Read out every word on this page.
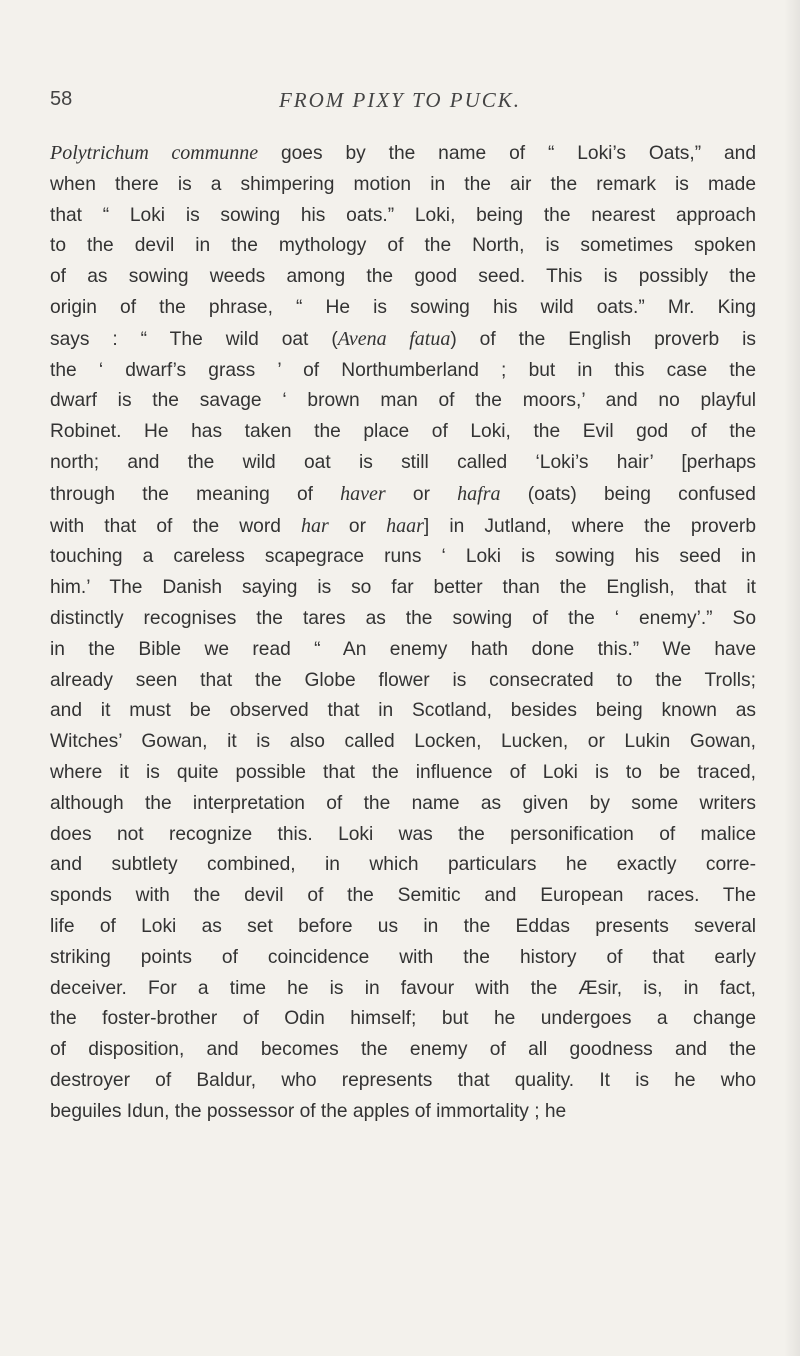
58	FROM PIXY TO PUCK.
Polytrichum communne goes by the name of “ Loki’s Oats,” and
when there is a shimpering motion in the air the remark is made
that “ Loki is sowing his oats.” Loki, being the nearest approach
to the devil in the mythology of the North, is sometimes spoken
of as sowing weeds among the good seed. This is possibly the
origin of the phrase, “ He is sowing his wild oats.” Mr. King
says : “ The wild oat (Avena fatua) of the English proverb is
the ‘ dwarf’s grass ’ of Northumberland ; but in this case the
dwarf is the savage ‘ brown man of the moors,’ and no playful
Robinet. He has taken the place of Loki, the Evil god of the
north; and the wild oat is still called ‘Loki’s hair’ [perhaps
through the meaning of haver or hafra (oats) being confused
with that of the word har or haar] in Jutland, where the proverb
touching a careless scapegrace runs ‘ Loki is sowing his seed in
him.’ The Danish saying is so far better than the English, that it
distinctly recognises the tares as the sowing of the ‘ enemy’.” So
in the Bible we read “ An enemy hath done this.” We have
already seen that the Globe flower is consecrated to the Trolls;
and it must be observed that in Scotland, besides being known as
Witches’ Gowan, it is also called Locken, Lucken, or Lukin Gowan,
where it is quite possible that the influence of Loki is to be traced,
although the interpretation of the name as given by some writers
does not recognize this. Loki was the personification of malice
and subtlety combined, in which particulars he exactly corre-
sponds with the devil of the Semitic and European races. The
life of Loki as set before us in the Eddas presents several
striking points of coincidence with the history of that early
deceiver. For a time he is in favour with the Æsir, is, in fact,
the foster-brother of Odin himself; but he undergoes a change
of disposition, and becomes the enemy of all goodness and the
destroyer of Baldur, who represents that quality. It is he who
beguiles Idun, the possessor of the apples of immortality ; he
